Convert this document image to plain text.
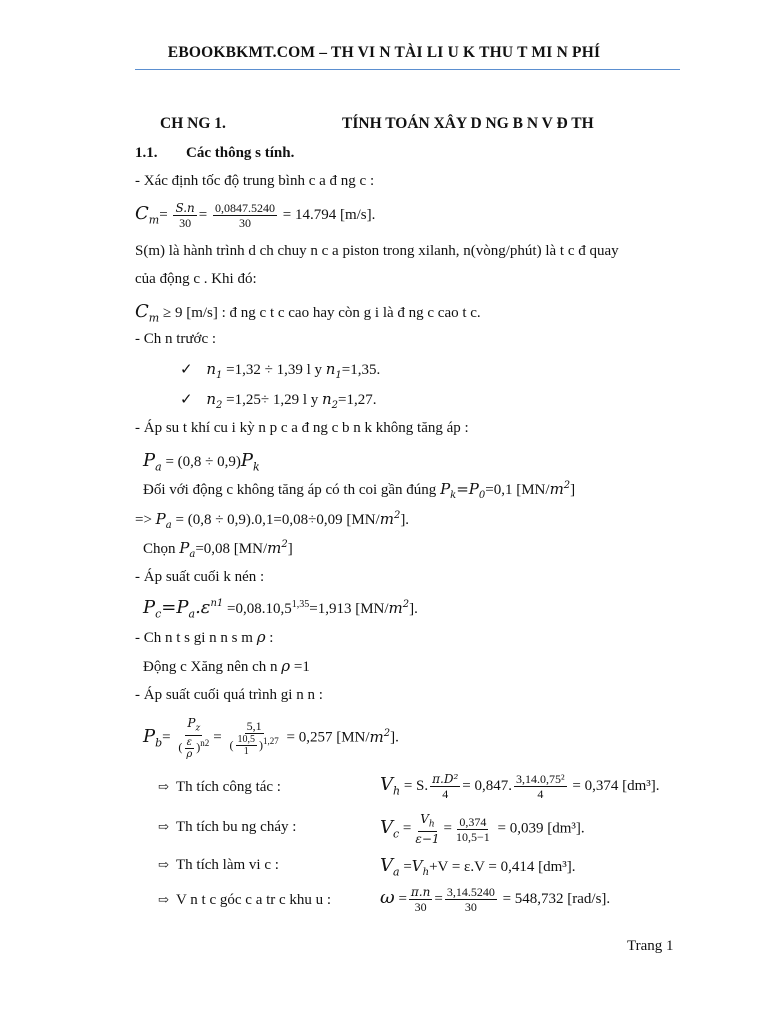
EBOOKBKMT.COM – TH VI N TÀI LI U K THU T MI N PHÍ
CH NG 1.	TÍNH TOÁN XÂY D NG B N V Đ TH
1.1. Các thông s tính.
- Xác định tốc độ trung bình c a đ ng c :
$C_m= \frac{S.n}{30} = \frac{0,0847.5240}{30} = 14.794$ [m/s].
S(m) là hành trình d ch chuy n c a piston trong xilanh, n(vòng/phút) là t c đ quay
của động c . Khi đó:
$C_m \ge 9$ [m/s] : đ ng c t c cao hay còn g i là đ ng c cao t c.
- Ch n trước :
✓ $n_1 =1,32 \div 1,39$ l y $n_1=1,35$.
✓ $n_2 =1,25\div 1,29$ l y $n_2=1,27$.
- Áp su t khí cu i kỳ n p c a đ ng c b n k không tăng áp :
$P_a = (0,8 \div 0,9)P_k$
Đối với động c không tăng áp có th coi gần đúng $P_k=P_0=0,1$ $[MN/m^2]$
=> $P_a = (0,8 \div 0,9).0,1=0,08\div 0,09$ $[MN/m^2]$.
Chọn $P_a=0,08$ $[MN/m^2]$
- Áp suất cuối k nén :
$P_c=P_a.\varepsilon^{n1} =0,08.10,5^{1,35}=1,913$ $[MN/m^2]$.
- Ch n t s gi n n s m ρ :
Động c Xăng nên ch n ρ =1
- Áp suất cuối quá trình gi n n :
$P_b= \frac{P_z}{( \frac{\varepsilon}{\rho} )^{n2}} = \frac{5,1}{( \frac{10,5}{1} )^{1,27}} = 0,257$ $[MN/m^2]$.
⇨ Th tích công tác :	$V_h = S$. $\frac{\text{π.D²}}{4} = 0,847$. $\frac{\text{3,14.0,75²}}{4} = 0,374$ [dm³].
⇨ Th tích bu ng cháy :	$V_c = \frac{V_h}{\varepsilon-1} = \frac{0,374}{10,5-1} = 0,039$ [dm³].
⇨ Th tích làm vi c :	$V_a =V_h+V = \varepsilon.V = 0,414$ [dm³].
⇨ V n t c góc c a tr c khu u :	$\omega = \frac{\pi.n}{30} = \frac{3,14.5240}{30} = 548,732$ [rad/s].
Trang 1
